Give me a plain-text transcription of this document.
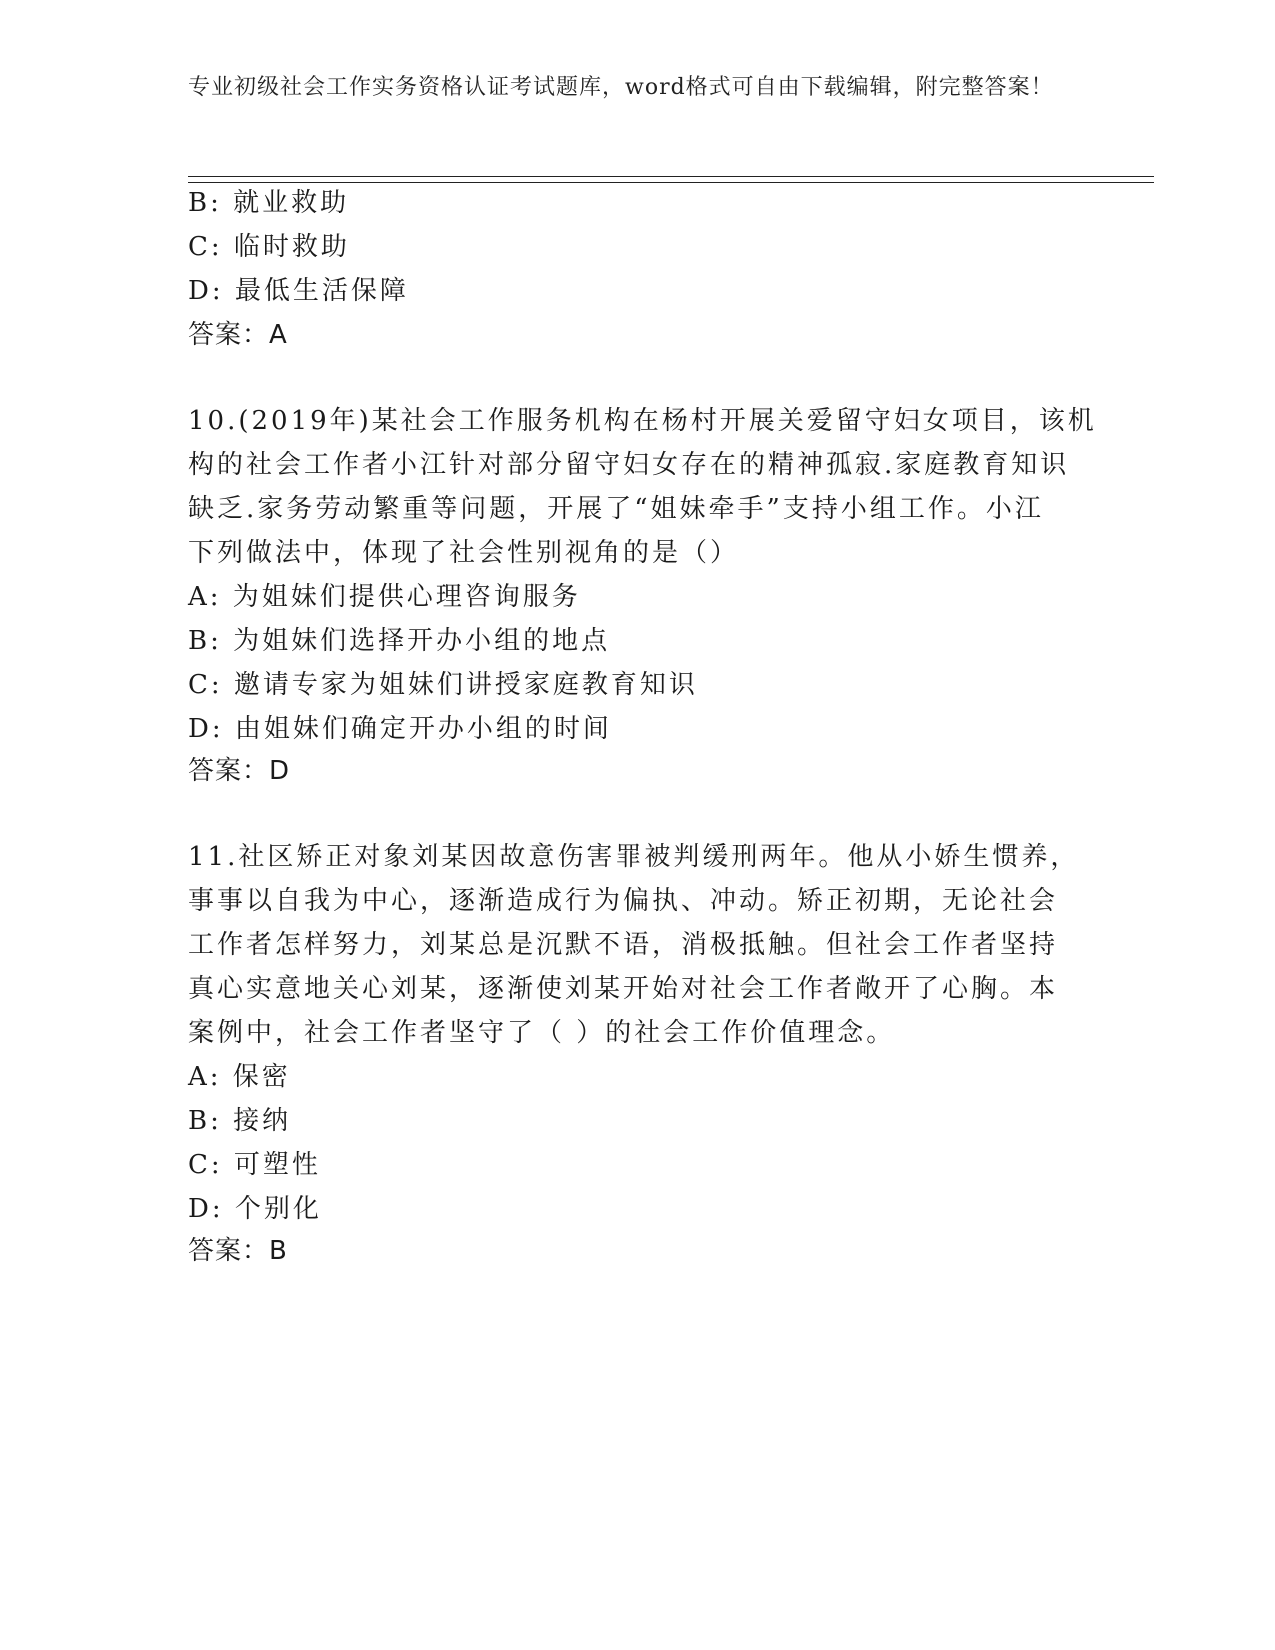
专业初级社会工作实务资格认证考试题库，word格式可自由下载编辑，附完整答案！
B: 就业救助
C: 临时救助
D: 最低生活保障
答案：A
10.(2019年)某社会工作服务机构在杨村开展关爱留守妇女项目，该机
构的社会工作者小江针对部分留守妇女存在的精神孤寂.家庭教育知识
缺乏.家务劳动繁重等问题，开展了“姐妹牵手”支持小组工作。小江
下列做法中，体现了社会性别视角的是（）
A: 为姐妹们提供心理咨询服务
B: 为姐妹们选择开办小组的地点
C: 邀请专家为姐妹们讲授家庭教育知识
D: 由姐妹们确定开办小组的时间
答案：D
11.社区矫正对象刘某因故意伤害罪被判缓刑两年。他从小娇生惯养，
事事以自我为中心，逐渐造成行为偏执、冲动。矫正初期，无论社会
工作者怎样努力，刘某总是沉默不语，消极抵触。但社会工作者坚持
真心实意地关心刘某，逐渐使刘某开始对社会工作者敞开了心胸。本
案例中，社会工作者坚守了（ ）的社会工作价值理念。
A: 保密
B: 接纳
C: 可塑性
D: 个别化
答案：B
